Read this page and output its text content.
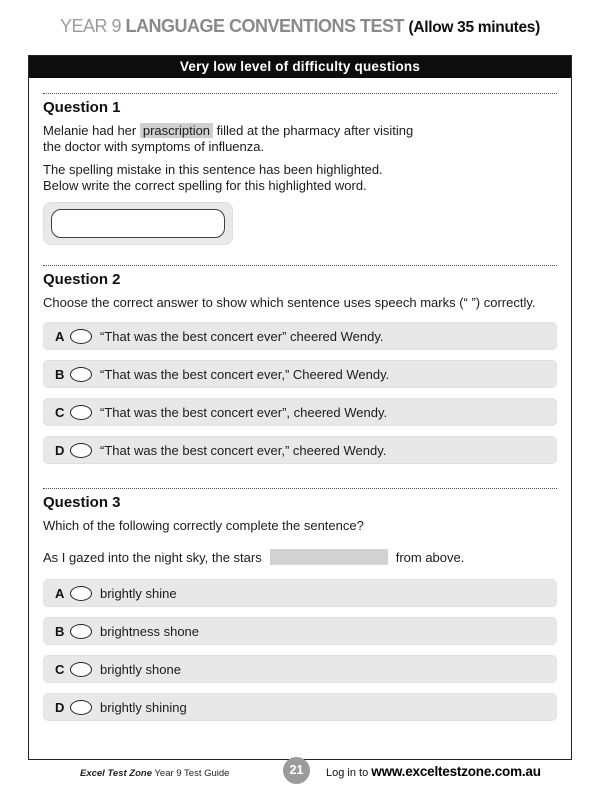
YEAR 9 LANGUAGE CONVENTIONS TEST (Allow 35 minutes)
Very low level of difficulty questions
Question 1
Melanie had her prascription filled at the pharmacy after visiting
the doctor with symptoms of influenza.
The spelling mistake in this sentence has been highlighted.
Below write the correct spelling for this highlighted word.
Question 2
Choose the correct answer to show which sentence uses speech marks (“ ”) correctly.
A	“That was the best concert ever” cheered Wendy.
B	“That was the best concert ever,” Cheered Wendy.
C	“That was the best concert ever”, cheered Wendy.
D	“That was the best concert ever,” cheered Wendy.
Question 3
Which of the following correctly complete the sentence?
As I gazed into the night sky, the stars	from above.
A	brightly shine
B	brightness shone
C	brightly shone
D	brightly shining
Excel Test Zone Year 9 Test Guide	21	Log in to www.exceltestzone.com.au
